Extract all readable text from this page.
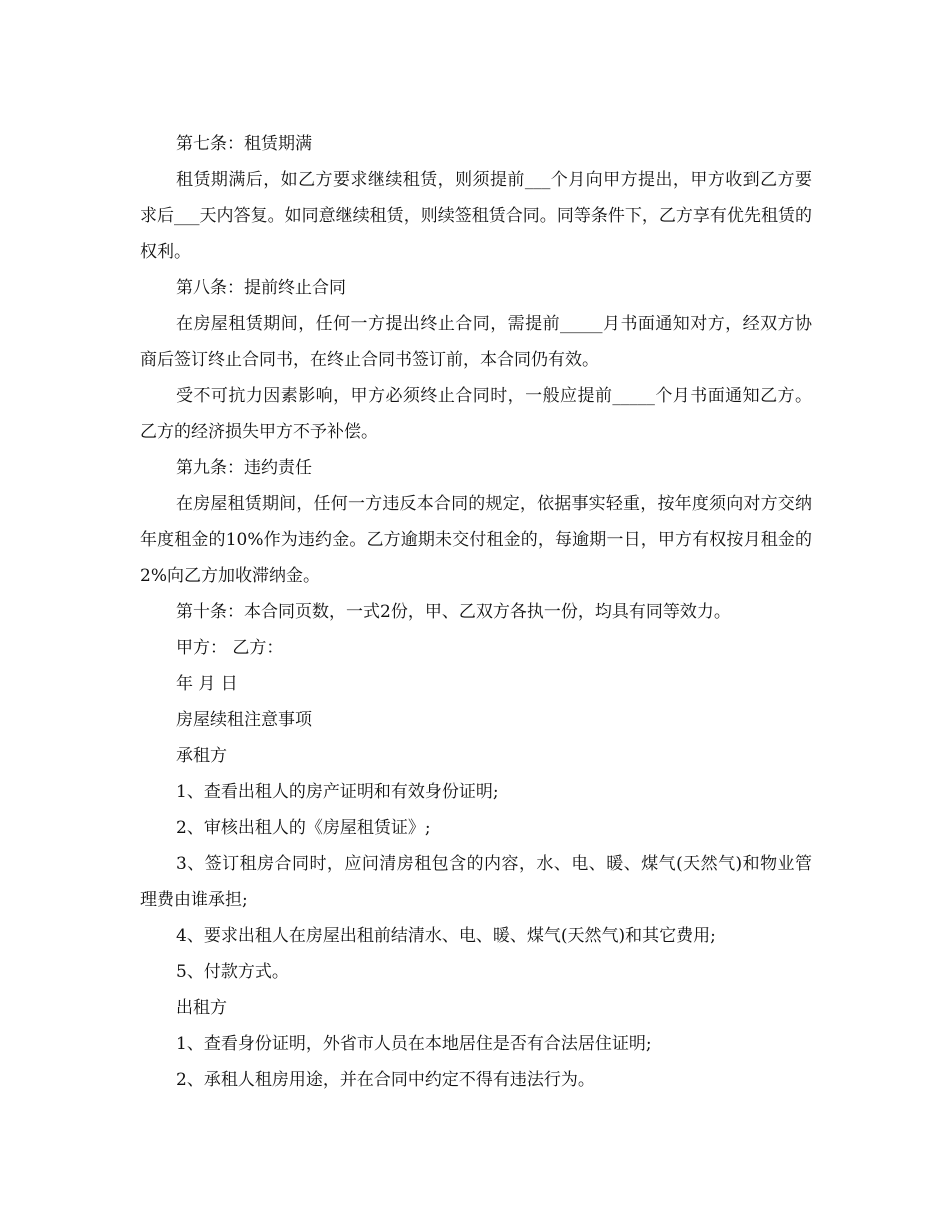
第七条：租赁期满

租赁期满后，如乙方要求继续租赁，则须提前___个月向甲方提出，甲方收到乙方要求后___天内答复。如同意继续租赁，则续签租赁合同。同等条件下，乙方享有优先租赁的权利。

第八条：提前终止合同

在房屋租赁期间，任何一方提出终止合同，需提前_____月书面通知对方，经双方协商后签订终止合同书，在终止合同书签订前，本合同仍有效。

受不可抗力因素影响，甲方必须终止合同时，一般应提前_____个月书面通知乙方。乙方的经济损失甲方不予补偿。

第九条：违约责任

在房屋租赁期间，任何一方违反本合同的规定，依据事实轻重，按年度须向对方交纳年度租金的10%作为违约金。乙方逾期未交付租金的，每逾期一日，甲方有权按月租金的2%向乙方加收滞纳金。

第十条：本合同页数，一式2份，甲、乙双方各执一份，均具有同等效力。

甲方： 乙方：

年 月 日

房屋续租注意事项

承租方

1、查看出租人的房产证明和有效身份证明;

2、审核出租人的《房屋租赁证》;

3、签订租房合同时，应问清房租包含的内容，水、电、暖、煤气(天然气)和物业管理费由谁承担;

4、要求出租人在房屋出租前结清水、电、暖、煤气(天然气)和其它费用;

5、付款方式。

出租方

1、查看身份证明，外省市人员在本地居住是否有合法居住证明;

2、承租人租房用途，并在合同中约定不得有违法行为。
